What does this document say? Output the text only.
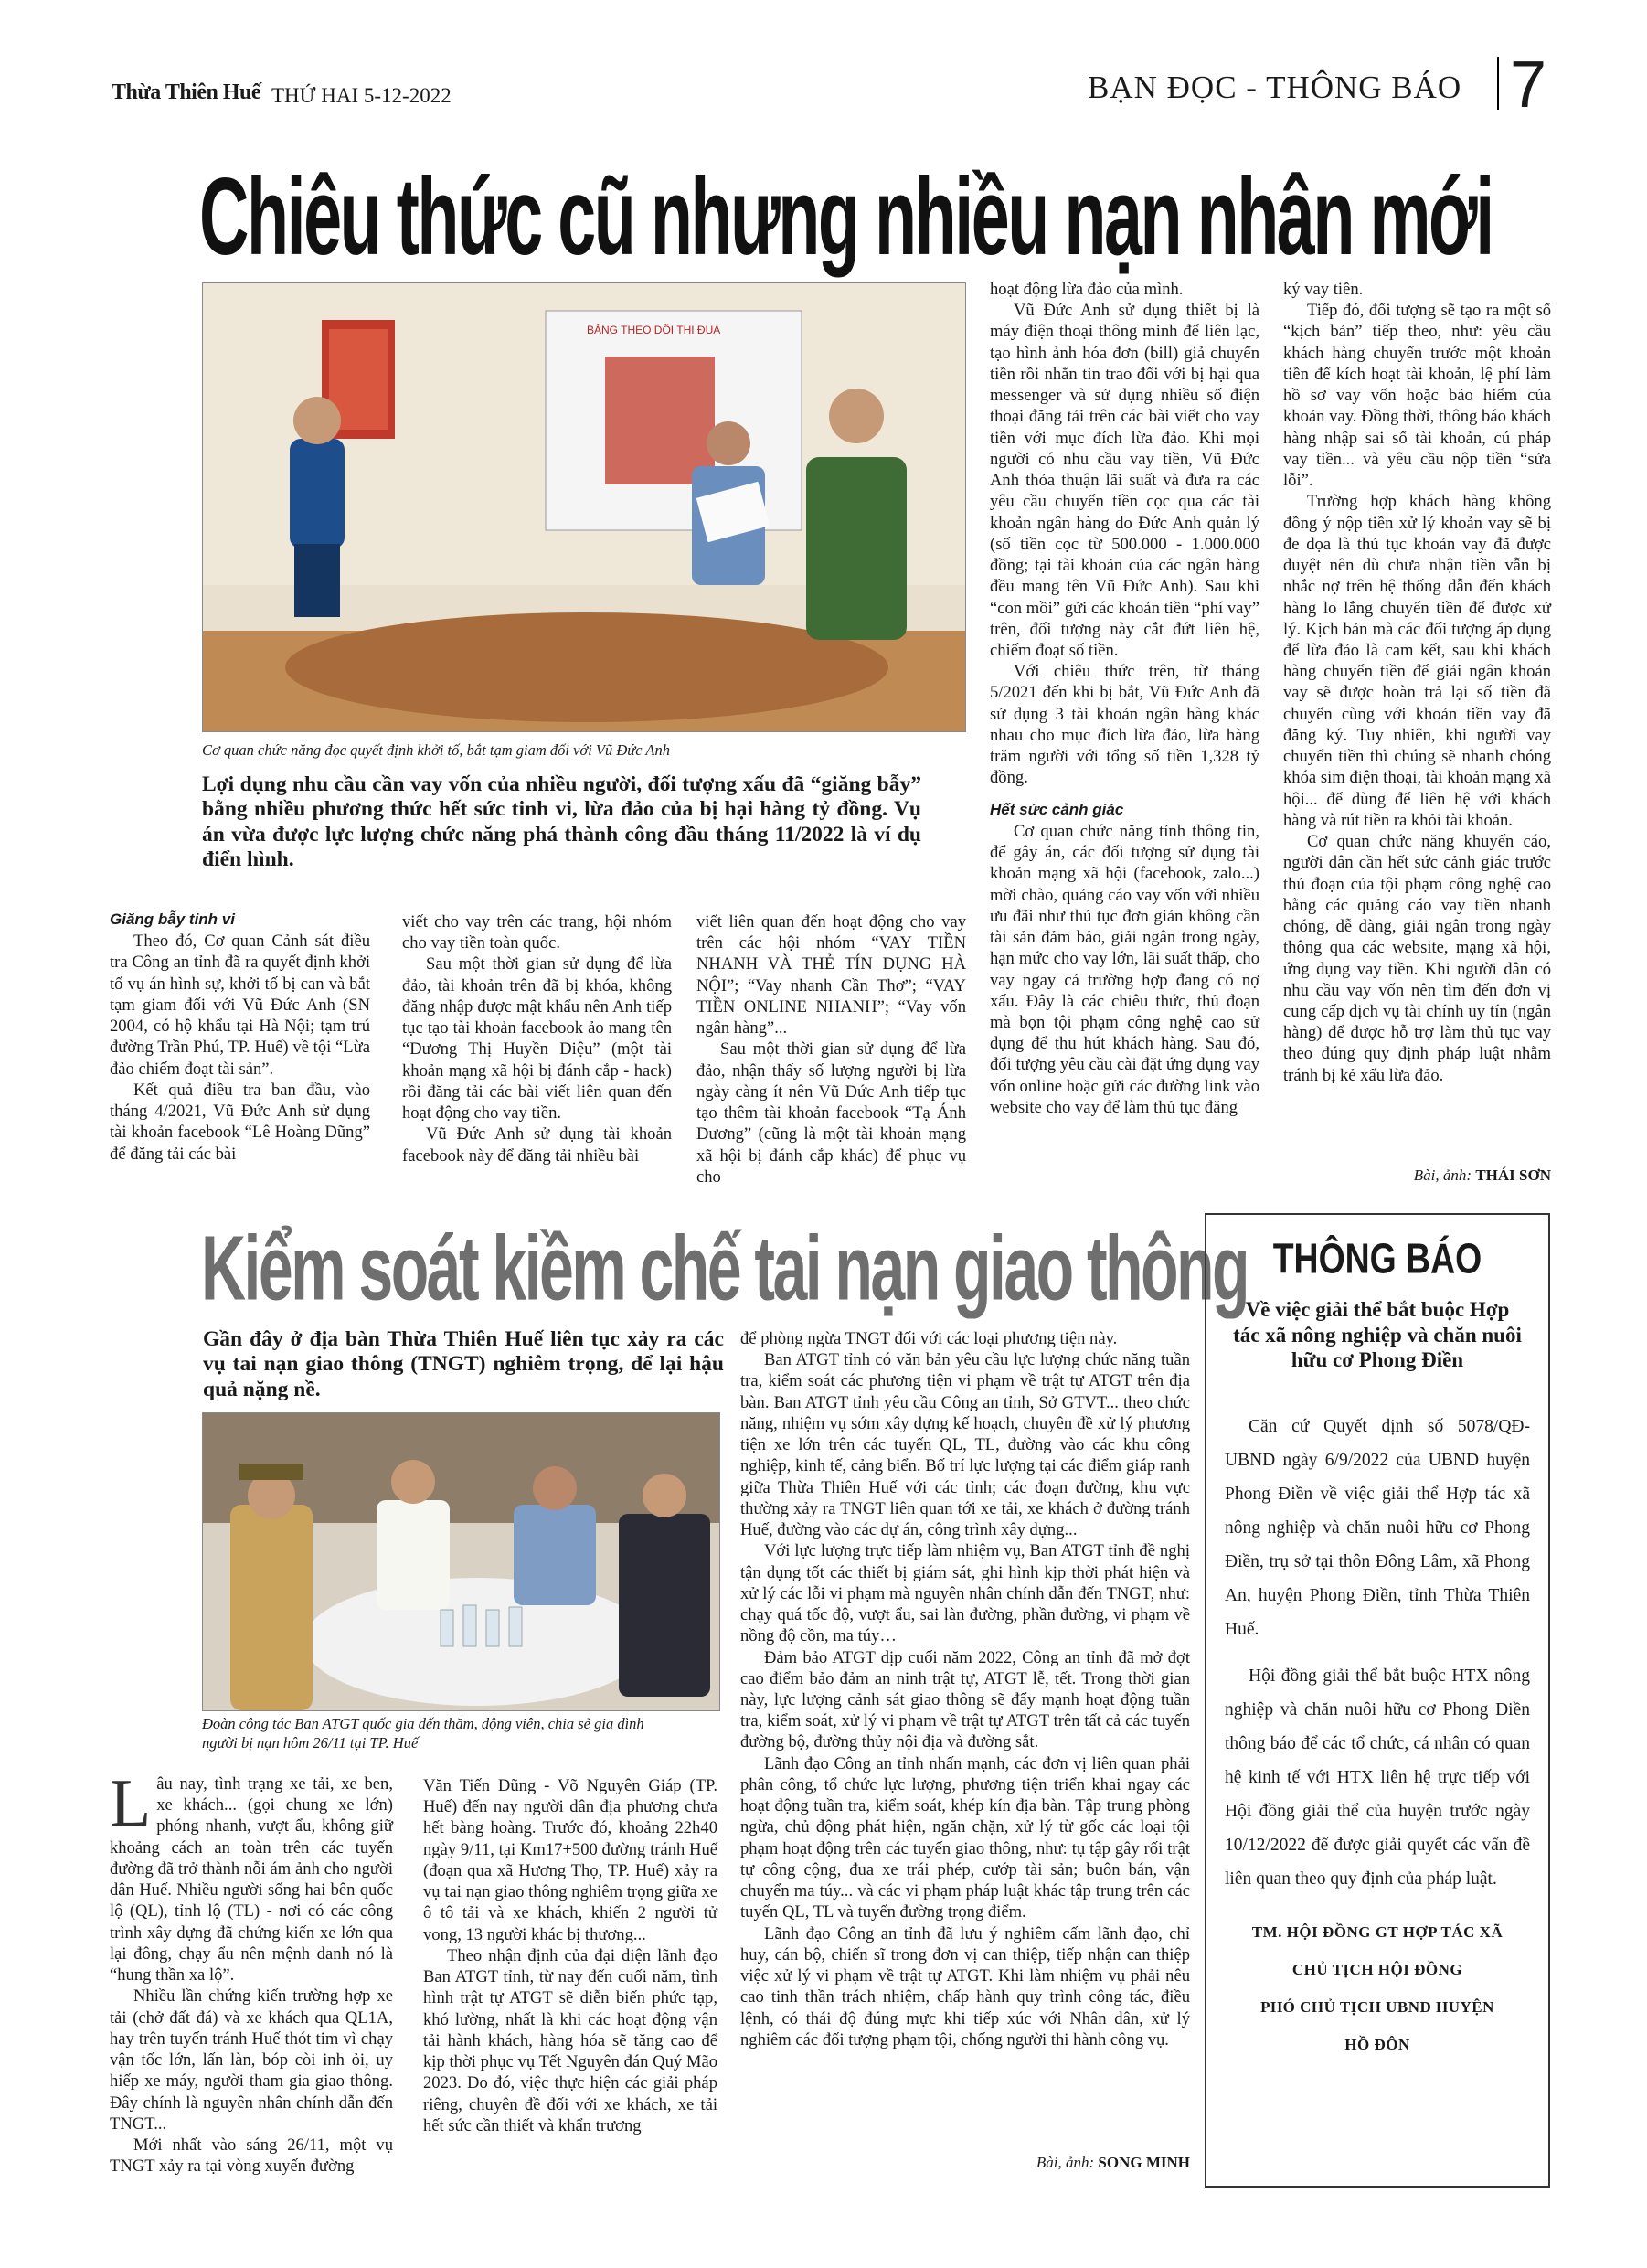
Thừa Thiên Huế THỨ HAI 5-12-2022	BẠN ĐỌC - THÔNG BÁO 7
Chiêu thức cũ nhưng nhiều nạn nhân mới
BẢNG THEO DÕI THI ĐUA
Cơ quan chức năng đọc quyết định khởi tố, bắt tạm giam đối với Vũ Đức Anh
Lợi dụng nhu cầu cần vay vốn của nhiều người, đối tượng xấu đã “giăng bẫy” bằng nhiều phương thức hết sức tinh vi, lừa đảo của bị hại hàng tỷ đồng. Vụ án vừa được lực lượng chức năng phá thành công đầu tháng 11/2022 là ví dụ điển hình.
Giăng bẫy tinh vi

Theo đó, Cơ quan Cảnh sát điều tra Công an tỉnh đã ra quyết định khởi tố vụ án hình sự, khởi tố bị can và bắt tạm giam đối với Vũ Đức Anh (SN 2004, có hộ khẩu tại Hà Nội; tạm trú đường Trần Phú, TP. Huế) về tội “Lừa đảo chiếm đoạt tài sản”.

Kết quả điều tra ban đầu, vào tháng 4/2021, Vũ Đức Anh sử dụng tài khoản facebook “Lê Hoàng Dũng” để đăng tải các bài

viết cho vay trên các trang, hội nhóm cho vay tiền toàn quốc.

Sau một thời gian sử dụng để lừa đảo, tài khoản trên đã bị khóa, không đăng nhập được mật khẩu nên Anh tiếp tục tạo tài khoản facebook ảo mang tên “Dương Thị Huyền Diệu” (một tài khoản mạng xã hội bị đánh cắp - hack) rồi đăng tải các bài viết liên quan đến hoạt động cho vay tiền.

Vũ Đức Anh sử dụng tài khoản facebook này để đăng tải nhiều bài

viết liên quan đến hoạt động cho vay trên các hội nhóm “VAY TIỀN NHANH VÀ THẺ TÍN DỤNG HÀ NỘI”; “Vay nhanh Cần Thơ”; “VAY TIỀN ONLINE NHANH”; “Vay vốn ngân hàng”...

Sau một thời gian sử dụng để lừa đảo, nhận thấy số lượng người bị lừa ngày càng ít nên Vũ Đức Anh tiếp tục tạo thêm tài khoản facebook “Tạ Ánh Dương” (cũng là một tài khoản mạng xã hội bị đánh cắp khác) để phục vụ cho

hoạt động lừa đảo của mình.

Vũ Đức Anh sử dụng thiết bị là máy điện thoại thông minh để liên lạc, tạo hình ảnh hóa đơn (bill) giả chuyển tiền rồi nhắn tin trao đổi với bị hại qua messenger và sử dụng nhiều số điện thoại đăng tải trên các bài viết cho vay tiền với mục đích lừa đảo. Khi mọi người có nhu cầu vay tiền, Vũ Đức Anh thỏa thuận lãi suất và đưa ra các yêu cầu chuyển tiền cọc qua các tài khoản ngân hàng do Đức Anh quản lý (số tiền cọc từ 500.000 - 1.000.000 đồng; tại tài khoản của các ngân hàng đều mang tên Vũ Đức Anh). Sau khi “con mồi” gửi các khoản tiền “phí vay” trên, đối tượng này cắt đứt liên hệ, chiếm đoạt số tiền.

Với chiêu thức trên, từ tháng 5/2021 đến khi bị bắt, Vũ Đức Anh đã sử dụng 3 tài khoản ngân hàng khác nhau cho mục đích lừa đảo, lừa hàng trăm người với tổng số tiền 1,328 tỷ đồng.

Hết sức cảnh giác

Cơ quan chức năng tỉnh thông tin, để gây án, các đối tượng sử dụng tài khoản mạng xã hội (facebook, zalo...) mời chào, quảng cáo vay vốn với nhiều ưu đãi như thủ tục đơn giản không cần tài sản đảm bảo, giải ngân trong ngày, hạn mức cho vay lớn, lãi suất thấp, cho vay ngay cả trường hợp đang có nợ xấu. Đây là các chiêu thức, thủ đoạn mà bọn tội phạm công nghệ cao sử dụng để thu hút khách hàng. Sau đó, đối tượng yêu cầu cài đặt ứng dụng vay vốn online hoặc gửi các đường link vào website cho vay để làm thủ tục đăng

ký vay tiền.

Tiếp đó, đối tượng sẽ tạo ra một số “kịch bản” tiếp theo, như: yêu cầu khách hàng chuyển trước một khoản tiền để kích hoạt tài khoản, lệ phí làm hồ sơ vay vốn hoặc bảo hiểm của khoản vay. Đồng thời, thông báo khách hàng nhập sai số tài khoản, cú pháp vay tiền... và yêu cầu nộp tiền “sửa lỗi”.

Trường hợp khách hàng không đồng ý nộp tiền xử lý khoản vay sẽ bị đe dọa là thủ tục khoản vay đã được duyệt nên dù chưa nhận tiền vẫn bị nhắc nợ trên hệ thống dẫn đến khách hàng lo lắng chuyển tiền để được xử lý. Kịch bản mà các đối tượng áp dụng để lừa đảo là cam kết, sau khi khách hàng chuyển tiền để giải ngân khoản vay sẽ được hoàn trả lại số tiền đã chuyển cùng với khoản tiền vay đã đăng ký. Tuy nhiên, khi người vay chuyển tiền thì chúng sẽ nhanh chóng khóa sim điện thoại, tài khoản mạng xã hội... để dùng để liên hệ với khách hàng và rút tiền ra khỏi tài khoản.

Cơ quan chức năng khuyến cáo, người dân cần hết sức cảnh giác trước thủ đoạn của tội phạm công nghệ cao bằng các quảng cáo vay tiền nhanh chóng, dễ dàng, giải ngân trong ngày thông qua các website, mạng xã hội, ứng dụng vay tiền. Khi người dân có nhu cầu vay vốn nên tìm đến đơn vị cung cấp dịch vụ tài chính uy tín (ngân hàng) để được hỗ trợ làm thủ tục vay theo đúng quy định pháp luật nhằm tránh bị kẻ xấu lừa đảo.

Bài, ảnh: THÁI SƠN
Kiểm soát kiềm chế tai nạn giao thông
Gần đây ở địa bàn Thừa Thiên Huế liên tục xảy ra các vụ tai nạn giao thông (TNGT) nghiêm trọng, để lại hậu quả nặng nề.
Đoàn công tác Ban ATGT quốc gia đến thăm, động viên, chia sẻ gia đình người bị nạn hôm 26/11 tại TP. Huế

Lâu nay, tình trạng xe tải, xe ben, xe khách... (gọi chung xe lớn) phóng nhanh, vượt ẩu, không giữ khoảng cách an toàn trên các tuyến đường đã trở thành nỗi ám ảnh cho người dân Huế. Nhiều người sống hai bên quốc lộ (QL), tỉnh lộ (TL) - nơi có các công trình xây dựng đã chứng kiến xe lớn qua lại đông, chạy ẩu nên mệnh danh nó là “hung thần xa lộ”.

Nhiều lần chứng kiến trường hợp xe tải (chở đất đá) và xe khách qua QL1A, hay trên tuyến tránh Huế thót tim vì chạy vận tốc lớn, lấn làn, bóp còi inh ỏi, uy hiếp xe máy, người tham gia giao thông. Đây chính là nguyên nhân chính dẫn đến TNGT...

Mới nhất vào sáng 26/11, một vụ TNGT xảy ra tại vòng xuyến đường

Văn Tiến Dũng - Võ Nguyên Giáp (TP. Huế) đến nay người dân địa phương chưa hết bàng hoàng. Trước đó, khoảng 22h40 ngày 9/11, tại Km17+500 đường tránh Huế (đoạn qua xã Hương Thọ, TP. Huế) xảy ra vụ tai nạn giao thông nghiêm trọng giữa xe ô tô tải và xe khách, khiến 2 người tử vong, 13 người khác bị thương...

Theo nhận định của đại diện lãnh đạo Ban ATGT tỉnh, từ nay đến cuối năm, tình hình trật tự ATGT sẽ diễn biến phức tạp, khó lường, nhất là khi các hoạt động vận tải hành khách, hàng hóa sẽ tăng cao để kịp thời phục vụ Tết Nguyên đán Quý Mão 2023. Do đó, việc thực hiện các giải pháp riêng, chuyên đề đối với xe khách, xe tải hết sức cần thiết và khẩn trương

để phòng ngừa TNGT đối với các loại phương tiện này.

Ban ATGT tỉnh có văn bản yêu cầu lực lượng chức năng tuần tra, kiểm soát các phương tiện vi phạm về trật tự ATGT trên địa bàn. Ban ATGT tỉnh yêu cầu Công an tỉnh, Sở GTVT... theo chức năng, nhiệm vụ sớm xây dựng kế hoạch, chuyên đề xử lý phương tiện xe lớn trên các tuyến QL, TL, đường vào các khu công nghiệp, kinh tế, cảng biển. Bố trí lực lượng tại các điểm giáp ranh giữa Thừa Thiên Huế với các tỉnh; các đoạn đường, khu vực thường xảy ra TNGT liên quan tới xe tải, xe khách ở đường tránh Huế, đường vào các dự án, công trình xây dựng...

Với lực lượng trực tiếp làm nhiệm vụ, Ban ATGT tỉnh đề nghị tận dụng tốt các thiết bị giám sát, ghi hình kịp thời phát hiện và xử lý các lỗi vi phạm mà nguyên nhân chính dẫn đến TNGT, như: chạy quá tốc độ, vượt ẩu, sai làn đường, phần đường, vi phạm về nồng độ cồn, ma túy…

Đảm bảo ATGT dịp cuối năm 2022, Công an tỉnh đã mở đợt cao điểm bảo đảm an ninh trật tự, ATGT lễ, tết. Trong thời gian này, lực lượng cảnh sát giao thông sẽ đẩy mạnh hoạt động tuần tra, kiểm soát, xử lý vi phạm về trật tự ATGT trên tất cả các tuyến đường bộ, đường thủy nội địa và đường sắt.

Lãnh đạo Công an tỉnh nhấn mạnh, các đơn vị liên quan phải phân công, tổ chức lực lượng, phương tiện triển khai ngay các hoạt động tuần tra, kiểm soát, khép kín địa bàn. Tập trung phòng ngừa, chủ động phát hiện, ngăn chặn, xử lý từ gốc các loại tội phạm hoạt động trên các tuyến giao thông, như: tụ tập gây rối trật tự công cộng, đua xe trái phép, cướp tài sản; buôn bán, vận chuyển ma túy... và các vi phạm pháp luật khác tập trung trên các tuyến QL, TL và tuyến đường trọng điểm.

Lãnh đạo Công an tỉnh đã lưu ý nghiêm cấm lãnh đạo, chỉ huy, cán bộ, chiến sĩ trong đơn vị can thiệp, tiếp nhận can thiệp việc xử lý vi phạm về trật tự ATGT. Khi làm nhiệm vụ phải nêu cao tinh thần trách nhiệm, chấp hành quy trình công tác, điều lệnh, có thái độ đúng mực khi tiếp xúc với Nhân dân, xử lý nghiêm các đối tượng phạm tội, chống người thi hành công vụ.

Bài, ảnh: SONG MINH
THÔNG BÁO
Về việc giải thể bắt buộc Hợp tác xã nông nghiệp và chăn nuôi hữu cơ Phong Điền

Căn cứ Quyết định số 5078/QĐ-UBND ngày 6/9/2022 của UBND huyện Phong Điền về việc giải thể Hợp tác xã nông nghiệp và chăn nuôi hữu cơ Phong Điền, trụ sở tại thôn Đông Lâm, xã Phong An, huyện Phong Điền, tỉnh Thừa Thiên Huế.

Hội đồng giải thể bắt buộc HTX nông nghiệp và chăn nuôi hữu cơ Phong Điền thông báo để các tổ chức, cá nhân có quan hệ kinh tế với HTX liên hệ trực tiếp với Hội đồng giải thể của huyện trước ngày 10/12/2022 để được giải quyết các vấn đề liên quan theo quy định của pháp luật.

TM. HỘI ĐỒNG GT HỢP TÁC XÃ
CHỦ TỊCH HỘI ĐỒNG
PHÓ CHỦ TỊCH UBND HUYỆN
HỒ ĐÔN
